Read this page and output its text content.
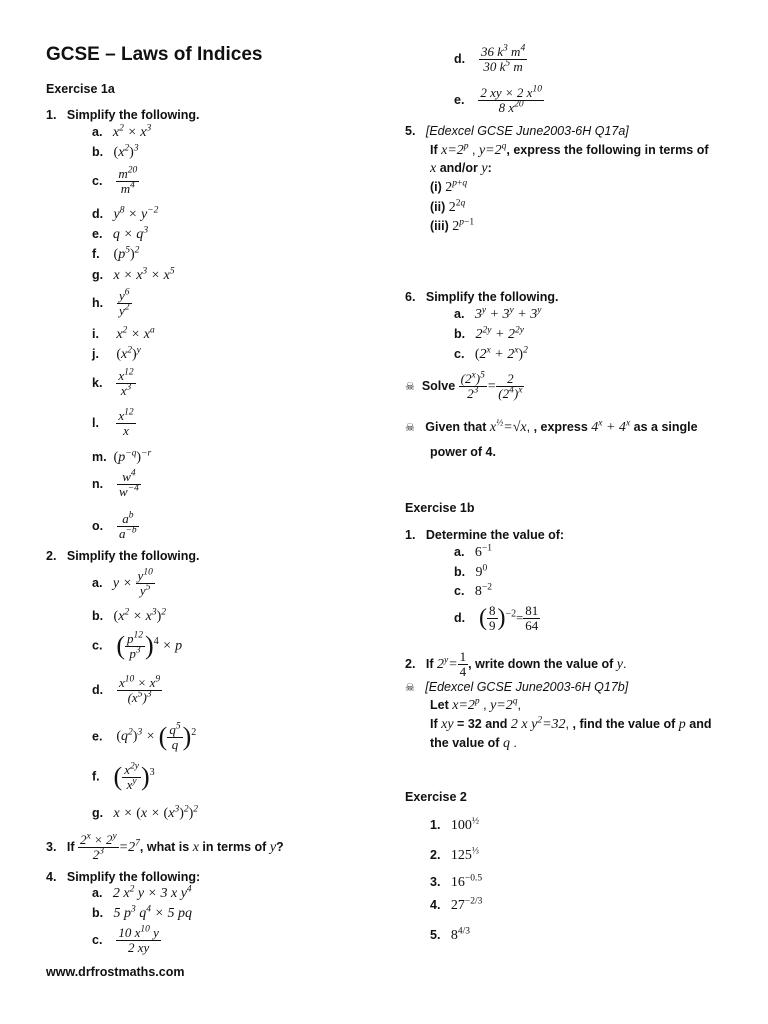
GCSE – Laws of Indices
Exercise 1a
1. Simplify the following.
a. $x^2 \times x^3$
b. $(x^2)^3$
c. $\frac{m^{20}}{m^4}$
d. $y^8 \times y^{-2}$
e. $q \times q^3$
f. $(p^5)^2$
g. $x \times x^3 \times x^5$
h. $\frac{y^6}{y^2}$
i. $x^2 \times x^a$
j. $(x^2)^y$
k. $\frac{x^{12}}{x^3}$
l. $\frac{x^{12}}{x}$
m. $(p^{-q})^{-r}$
n. $\frac{w^4}{w^{-4}}$
o. $\frac{a^b}{a^{-b}}$
2. Simplify the following.
a. $y \times \frac{y^{10}}{y^5}$
b. $(x^2 \times x^3)^2$
c. ( $\frac{p^{12}}{p^3} )^4 \times p$
d. $\frac{x^{10} \times x^9}{(x^5)^3}$
e. $(q^2)^3$ × ( $\frac{q^5}{q} )^2$
f. ( $\frac{x^{2y}}{x^y} )^3$
g. $x \times (x \times (x^3)^2)^2$
3. If $\frac{2^x \times 2^y}{2^3} =2^7$, what is x in terms of y?
4. Simplify the following:
a. 2 $x^2$ y × 3 x $y^4$
b. 5 $p^3$ $q^4 \times 5$ pq
c. $\frac{10 x^{10} y}{2 xy}$
www.drfrostmaths.com
d. $\frac{36 k^3 m^4}{30 k^5 m}$
e. $\frac{2 xy \times 2 x^{10}}{8 x^{20}}$
5. [Edexcel GCSE June2003-6H Q17a]
If $x=2^p$ , $y=2^q$, express the following in terms of
x and/or y:
(i) $2^{p+q}$
(ii) $2^{2q}$
(iii) $2^{p-1}$
6. Simplify the following.
a. $3^y + 3^y + 3^y$
b. $2^{2y} + 2^{2y}$
c. $(2^x + 2^x)^2$
☠ Solve $\frac{(2^x)^5}{2^3} = \frac{2}{(2^4)^x}$
☠ Given that $x^{\frac{1}{2}}=√x$, , express $4^x + 4^x$ as a single
power of 4.
Exercise 1b
1. Determine the value of:
a. $6^{-1}$
b. $9^0$
c. $8^{-2}$
d. ( $\frac{8}{9} )^{-2}= \frac{81}{64}$
2. If $2^y= \frac{1}{4}$ , write down the value of y.
☠ [Edexcel GCSE June2003-6H Q17b]
Let $x=2^p$ , $y=2^q$,
If xy = 32 and 2 x $y^2=32$, , find the value of p and
the value of q .
Exercise 2
1. $100^{\frac{1}{2}}$
2. $125^{\frac{1}{3}}$
3. $16^{-0.5}$
4. $27^{-2/3}$
5. $8^{4/3}$
